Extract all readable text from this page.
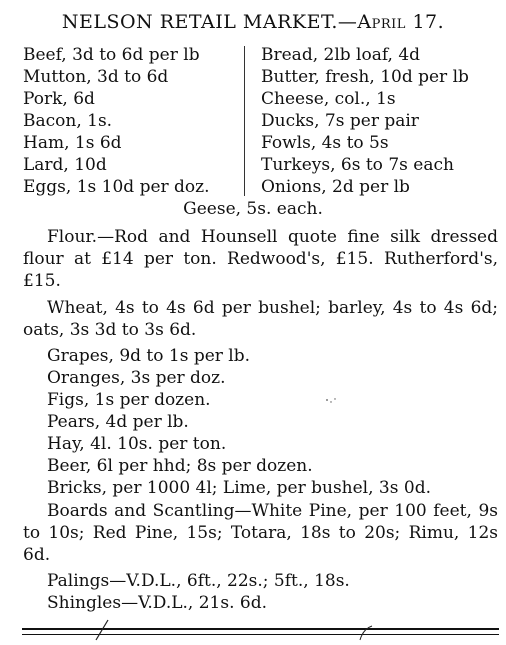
NELSON RETAIL MARKET.—April 17.
Beef, 3d to 6d per lb
Mutton, 3d to 6d
Pork, 6d
Bacon, 1s.
Ham, 1s 6d
Lard, 10d
Eggs, 1s 10d per doz.
Bread, 2lb loaf, 4d
Butter, fresh, 10d per lb
Cheese, col., 1s
Ducks, 7s per pair
Fowls, 4s to 5s
Turkeys, 6s to 7s each
Onions, 2d per lb
Geese, 5s. each.
Flour.—Rod and Hounsell quote fine silk dressed flour at £14 per ton. Redwood's, £15. Rutherford's, £15.
Wheat, 4s to 4s 6d per bushel; barley, 4s to 4s 6d; oats, 3s 3d to 3s 6d.
Grapes, 9d to 1s per lb.
Oranges, 3s per doz.
Figs, 1s per dozen.
Pears, 4d per lb.
Hay, 4l. 10s. per ton.
Beer, 6l per hhd; 8s per dozen.
Bricks, per 1000 4l; Lime, per bushel, 3s 0d.
Boards and Scantling—White Pine, per 100 feet, 9s to 10s; Red Pine, 15s; Totara, 18s to 20s; Rimu, 12s 6d.
Palings—V.D.L., 6ft., 22s.; 5ft., 18s.
Shingles—V.D.L., 21s. 6d.
